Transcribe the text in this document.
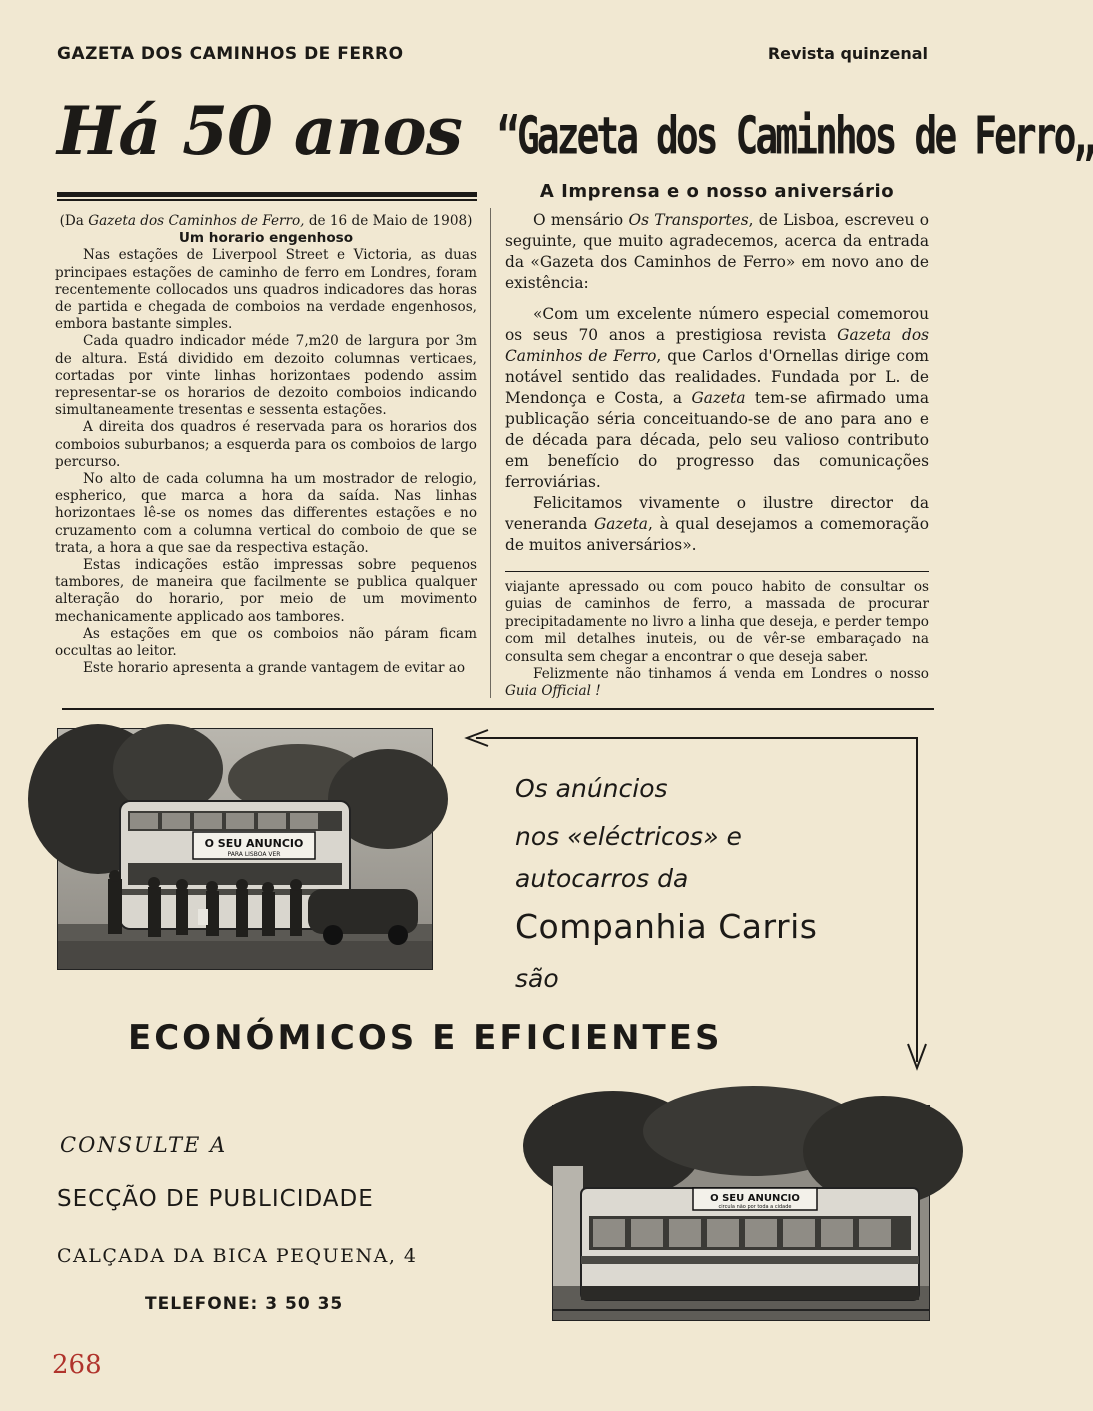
GAZETA DOS CAMINHOS DE FERRO	Revista quinzenal
Há 50 anos

(Da Gazeta dos Caminhos de Ferro, de 16 de Maio de 1908)

Um horario engenhoso

Nas estações de Liverpool Street e Victoria, as duas principaes estações de caminho de ferro em Londres, foram recentemente collocados uns quadros indicadores das horas de partida e chegada de comboios na verdade engenhosos, embora bastante simples.

Cada quadro indicador méde 7,m20 de largura por 3m de altura. Está dividido em dezoito columnas verticaes, cortadas por vinte linhas horizontaes podendo assim representar-se os horarios de dezoito comboios indicando simultaneamente tresentas e sessenta estações.

A direita dos quadros é reservada para os horarios dos comboios suburbanos; a esquerda para os comboios de largo percurso.

No alto de cada columna ha um mostrador de relogio, espherico, que marca a hora da saída. Nas linhas horizontaes lê-se os nomes das differentes estações e no cruzamento com a columna vertical do comboio de que se trata, a hora a que sae da respectiva estação.

Estas indicações estão impressas sobre pequenos tambores, de maneira que facilmente se publica qualquer alteração do horario, por meio de um movimento mechanicamente applicado aos tambores.

As estações em que os comboios não páram ficam occultas ao leitor.

Este horario apresenta a grande vantagem de evitar ao

“Gazeta dos Caminhos de Ferro„
A Imprensa e o nosso aniversário

O mensário Os Transportes, de Lisboa, escreveu o seguinte, que muito agradecemos, acerca da entrada da «Gazeta dos Caminhos de Ferro» em novo ano de existência:

«Com um excelente número especial comemorou os seus 70 anos a prestigiosa revista Gazeta dos Caminhos de Ferro, que Carlos d'Ornellas dirige com notável sentido das realidades. Fundada por L. de Mendonça e Costa, a Gazeta tem-se afirmado uma publicação séria conceituando-se de ano para ano e de década para década, pelo seu valioso contributo em benefício do progresso das comunicações ferroviárias.

Felicitamos vivamente o ilustre director da veneranda Gazeta, à qual desejamos a comemoração de muitos aniversários».

viajante apressado ou com pouco habito de consultar os guias de caminhos de ferro, a massada de procurar precipitadamente no livro a linha que deseja, e perder tempo com mil detalhes inuteis, ou de vêr-se embaraçado na consulta sem chegar a encontrar o que deseja saber.

Felizmente não tinhamos á venda em Londres o nosso Guia Official !

O SEU ANUNCIO
PARA LISBOA VER
Os anúncios
nos «eléctricos» e
autocarros da
Companhia Carris
são
ECONÓMICOS E EFICIENTES
CONSULTE A
SECÇÃO DE PUBLICIDADE
CALÇADA DA BICA PEQUENA, 4
TELEFONE: 3 50 35
O SEU ANUNCIO
circula não por toda a cidade
268
